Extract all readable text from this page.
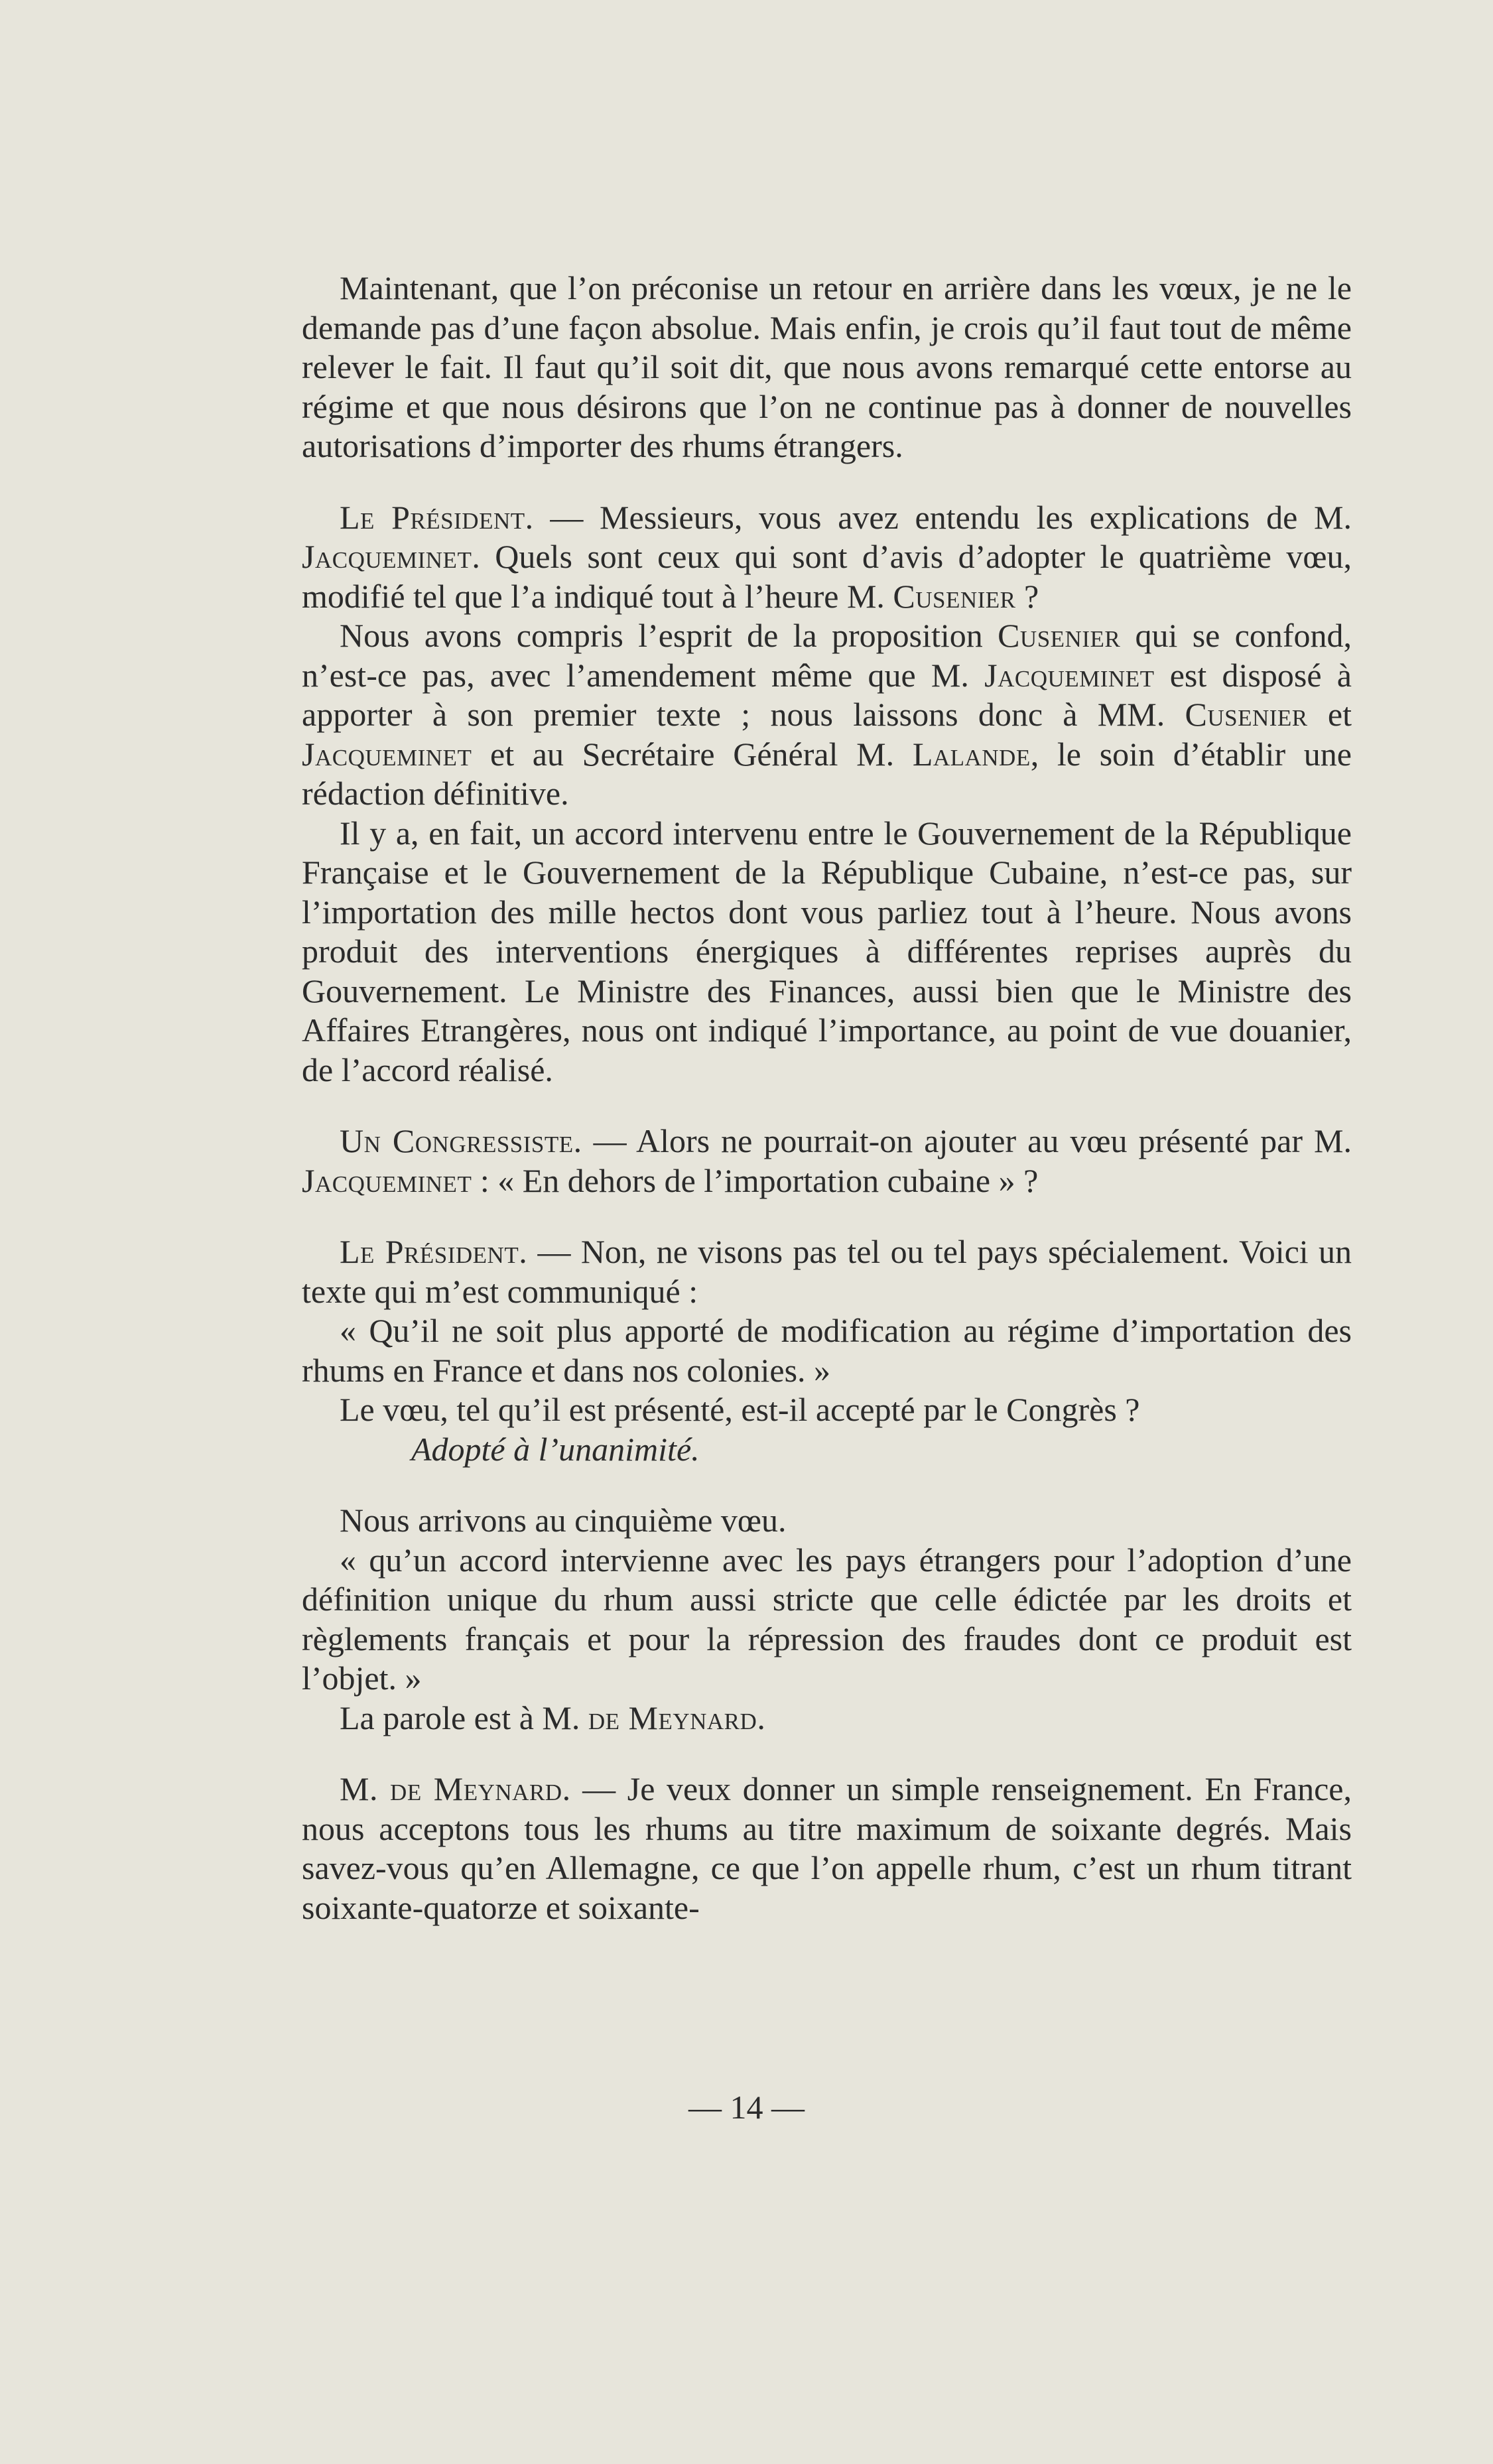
Maintenant, que l’on préconise un retour en arrière dans les vœux, je ne le demande pas d’une façon absolue. Mais enfin, je crois qu’il faut tout de même relever le fait. Il faut qu’il soit dit, que nous avons remarqué cette entorse au régime et que nous désirons que l’on ne continue pas à donner de nouvelles autorisations d’importer des rhums étrangers.

Le Président. — Messieurs, vous avez entendu les explications de M. Jacqueminet. Quels sont ceux qui sont d’avis d’adopter le quatrième vœu, modifié tel que l’a indiqué tout à l’heure M. Cusenier ?

Nous avons compris l’esprit de la proposition Cusenier qui se confond, n’est-ce pas, avec l’amendement même que M. Jacqueminet est disposé à apporter à son premier texte ; nous laissons donc à MM. Cusenier et Jacqueminet et au Secrétaire Général M. Lalande, le soin d’établir une rédaction définitive.

Il y a, en fait, un accord intervenu entre le Gouvernement de la République Française et le Gouvernement de la République Cubaine, n’est-ce pas, sur l’importation des mille hectos dont vous parliez tout à l’heure. Nous avons produit des interventions énergiques à différentes reprises auprès du Gouvernement. Le Ministre des Finances, aussi bien que le Ministre des Affaires Etrangères, nous ont indiqué l’importance, au point de vue douanier, de l’accord réalisé.

Un Congressiste. — Alors ne pourrait-on ajouter au vœu présenté par M. Jacqueminet : « En dehors de l’importation cubaine » ?

Le Président. — Non, ne visons pas tel ou tel pays spécialement. Voici un texte qui m’est communiqué :

« Qu’il ne soit plus apporté de modification au régime d’importation des rhums en France et dans nos colonies. »

Le vœu, tel qu’il est présenté, est-il accepté par le Congrès ?

Adopté à l’unanimité.

Nous arrivons au cinquième vœu.

« qu’un accord intervienne avec les pays étrangers pour l’adoption d’une définition unique du rhum aussi stricte que celle édictée par les droits et règlements français et pour la répression des fraudes dont ce produit est l’objet. »

La parole est à M. de Meynard.

M. de Meynard. — Je veux donner un simple renseignement. En France, nous acceptons tous les rhums au titre maximum de soixante degrés. Mais savez-vous qu’en Allemagne, ce que l’on appelle rhum, c’est un rhum titrant soixante-quatorze et soixante-

— 14 —
